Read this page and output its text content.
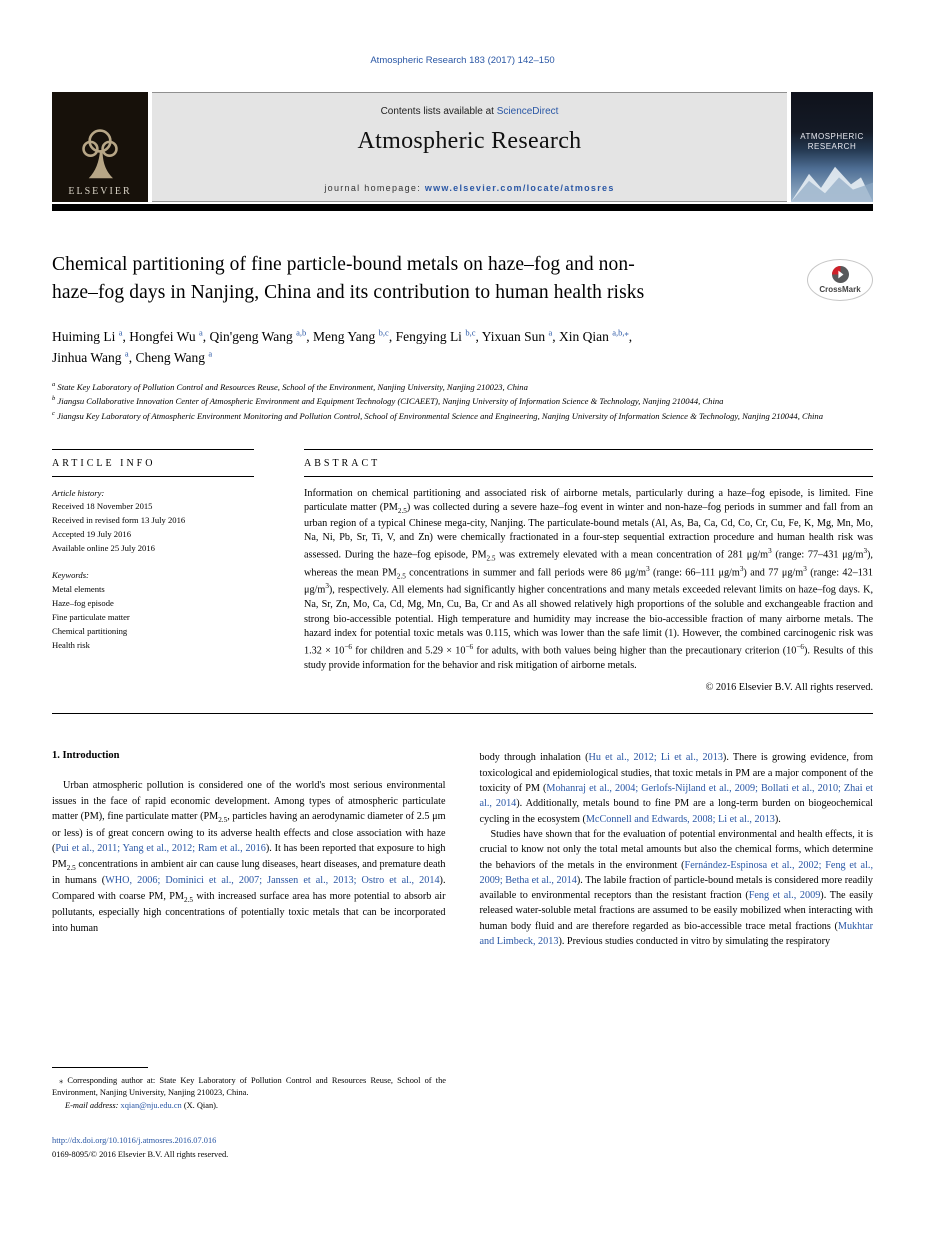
Atmospheric Research 183 (2017) 142–150
ELSEVIER
Contents lists available at ScienceDirect
Atmospheric Research
journal homepage: www.elsevier.com/locate/atmosres
ATMOSPHERIC RESEARCH
Chemical partitioning of fine particle-bound metals on haze–fog and non-haze–fog days in Nanjing, China and its contribution to human health risks	CrossMark
Huiming Li $^a$, Hongfei Wu $^a$, Qin'geng Wang $^{a,b}$, Meng Yang $^{b,c}$, Fengying Li $^{b,c}$, Yixuan Sun $^a$, Xin Qian $^{a,b,⁎}$,
Jinhua Wang $^a$, Cheng Wang $^a$
$^a$ State Key Laboratory of Pollution Control and Resources Reuse, School of the Environment, Nanjing University, Nanjing 210023, China
$^b$ Jiangsu Collaborative Innovation Center of Atmospheric Environment and Equipment Technology (CICAEET), Nanjing University of Information Science & Technology, Nanjing 210044, China
$^c$ Jiangsu Key Laboratory of Atmospheric Environment Monitoring and Pollution Control, School of Environmental Science and Engineering, Nanjing University of Information Science & Technology, Nanjing 210044, China
ARTICLE INFO
Article history:
Received 18 November 2015
Received in revised form 13 July 2016
Accepted 19 July 2016
Available online 25 July 2016
Keywords:
Metal elements
Haze–fog episode
Fine particulate matter
Chemical partitioning
Health risk
ABSTRACT
Information on chemical partitioning and associated risk of airborne metals, particularly during a haze–fog episode, is limited. Fine particulate matter $(PM_{2.5})$ was collected during a severe haze–fog event in winter and non-haze–fog periods in summer and fall from an urban region of a typical Chinese mega-city, Nanjing. The particulate-bound metals (Al, As, Ba, Ca, Cd, Co, Cr, Cu, Fe, K, Mg, Mn, Mo, Na, Ni, Pb, Sr, Ti, V, and Zn) were chemically fractionated in a four-step sequential extraction procedure and human health risk was assessed. During the haze–fog episode, $PM_{2.5}$ was extremely elevated with a mean concentration of 281 $\mu g/m^3$ (range: 77–431 $\mu g/m^3$), whereas the mean $PM_{2.5}$ concentrations in summer and fall periods were 86 $\mu g/m^3$ (range: 66–111 $\mu g/m^3$) and 77 $\mu g/m^3$ (range: 42–131 $\mu g/m^3$), respectively. All elements had significantly higher concentrations and many metals exceeded relevant limits on haze–fog days. K, Na, Sr, Zn, Mo, Ca, Cd, Mg, Mn, Cu, Ba, Cr and As all showed relatively high proportions of the soluble and exchangeable fraction and strong bio-accessible potential. High temperature and humidity may increase the bio-accessible fraction of many airborne metals. The hazard index for potential toxic metals was 0.115, which was lower than the safe limit (1). However, the combined carcinogenic risk was $1.32 \times 10^{-6}$ for children and $5.29 \times 10^{-6}$ for adults, with both values being higher than the precautionary criterion $(10^{-6})$. Results of this study provide information for the behavior and risk mitigation of airborne metals.
© 2016 Elsevier B.V. All rights reserved.
1. Introduction

Urban atmospheric pollution is considered one of the world's most serious environmental issues in the face of rapid economic development. Among types of atmospheric particulate matter (PM), fine particulate matter ($PM_{2.5}$, particles having an aerodynamic diameter of 2.5 μm or less) is of great concern owing to its adverse health effects and close association with haze (Pui et al., 2011; Yang et al., 2012; Ram et al., 2016). It has been reported that exposure to high $PM_{2.5}$ concentrations in ambient air can cause lung diseases, heart diseases, and premature death in humans (WHO, 2006; Dominici et al., 2007; Janssen et al., 2013; Ostro et al., 2014). Compared with coarse PM, $PM_{2.5}$ with increased surface area has more potential to absorb air pollutants, especially high concentrations of potentially toxic metals that can be incorporated into human

body through inhalation (Hu et al., 2012; Li et al., 2013). There is growing evidence, from toxicological and epidemiological studies, that toxic metals in PM are a major component of the toxicity of PM (Mohanraj et al., 2004; Gerlofs-Nijland et al., 2009; Bollati et al., 2010; Zhai et al., 2014). Additionally, metals bound to fine PM are a long-term burden on biogeochemical cycling in the ecosystem (McConnell and Edwards, 2008; Li et al., 2013).

Studies have shown that for the evaluation of potential environmental and health effects, it is crucial to know not only the total metal amounts but also the chemical forms, which determine the behaviors of the metals in the environment (Fernández-Espinosa et al., 2002; Feng et al., 2009; Betha et al., 2014). The labile fraction of particle-bound metals is considered more readily available to environmental receptors than the resistant fraction (Feng et al., 2009). The easily released water-soluble metal fractions are assumed to be easily mobilized when interacting with human body fluid and are therefore regarded as bio-accessible trace metal fractions (Mukhtar and Limbeck, 2013). Previous studies conducted in vitro by simulating the respiratory

⁎ Corresponding author at: State Key Laboratory of Pollution Control and Resources Reuse, School of the Environment, Nanjing University, Nanjing 210023, China.

E-mail address: xqian@nju.edu.cn (X. Qian).

http://dx.doi.org/10.1016/j.atmosres.2016.07.016
0169-8095/© 2016 Elsevier B.V. All rights reserved.
